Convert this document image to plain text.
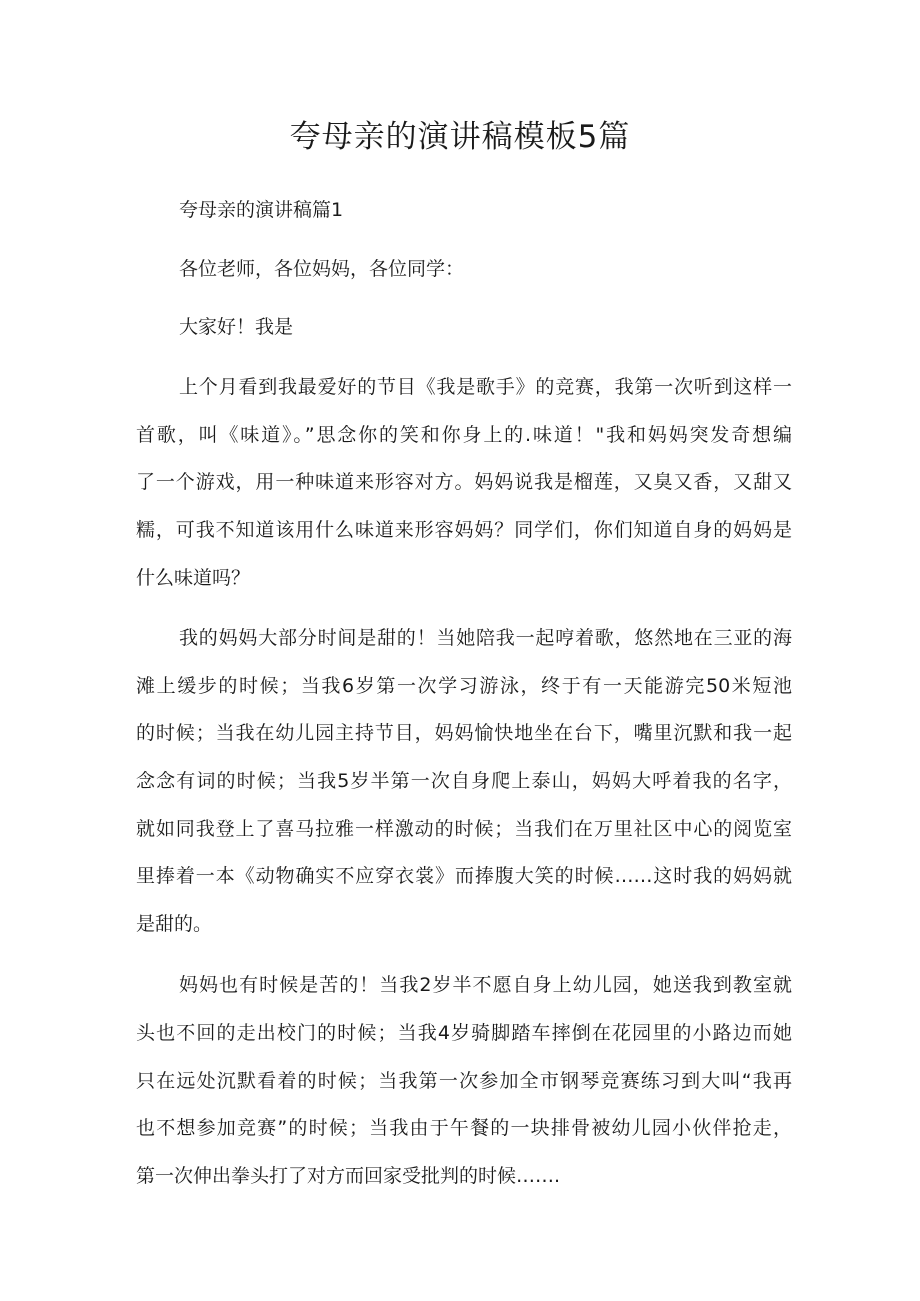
夸母亲的演讲稿模板5篇

夸母亲的演讲稿篇1

各位老师，各位妈妈，各位同学：

大家好！我是

上个月看到我最爱好的节目《我是歌手》的竞赛，我第一次听到这样一

首歌，叫《味道》。”思念你的笑和你身上的.味道！"我和妈妈突发奇想编

了一个游戏，用一种味道来形容对方。妈妈说我是榴莲，又臭又香，又甜又

糯，可我不知道该用什么味道来形容妈妈？同学们，你们知道自身的妈妈是

什么味道吗？

我的妈妈大部分时间是甜的！当她陪我一起哼着歌，悠然地在三亚的海

滩上缓步的时候；当我6岁第一次学习游泳，终于有一天能游完50米短池

的时候；当我在幼儿园主持节目，妈妈愉快地坐在台下，嘴里沉默和我一起

念念有词的时候；当我5岁半第一次自身爬上泰山，妈妈大呼着我的名字，

就如同我登上了喜马拉雅一样激动的时候；当我们在万里社区中心的阅览室

里捧着一本《动物确实不应穿衣裳》而捧腹大笑的时候……这时我的妈妈就

是甜的。

妈妈也有时候是苦的！当我2岁半不愿自身上幼儿园，她送我到教室就

头也不回的走出校门的时候；当我4岁骑脚踏车摔倒在花园里的小路边而她

只在远处沉默看着的时候；当我第一次参加全市钢琴竞赛练习到大叫“我再

也不想参加竞赛”的时候；当我由于午餐的一块排骨被幼儿园小伙伴抢走，

第一次伸出拳头打了对方而回家受批判的时候…….
